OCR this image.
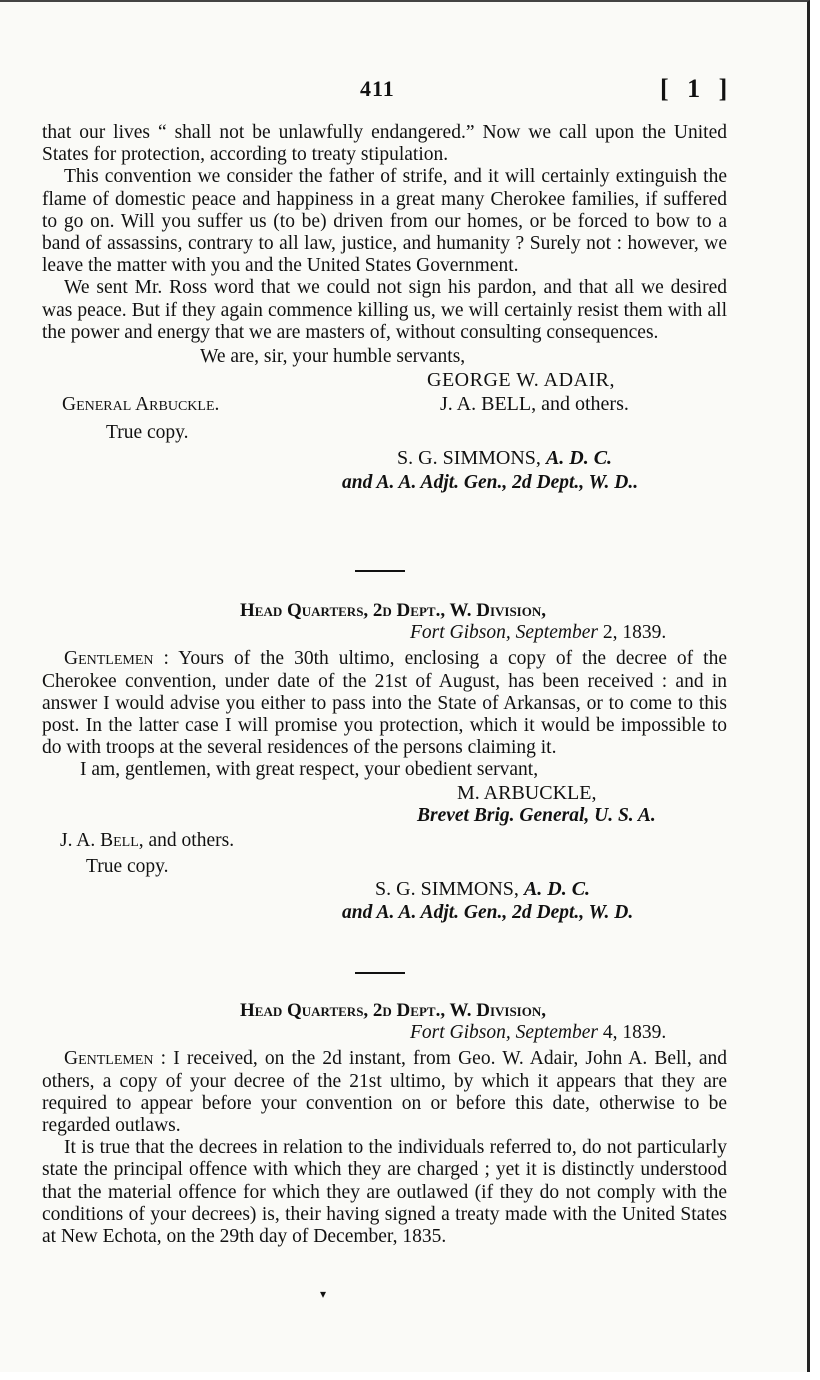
411	[ 1 ]

that our lives “ shall not be unlawfully endangered.” Now we call upon the United States for protection, according to treaty stipulation.

This convention we consider the father of strife, and it will certainly extinguish the flame of domestic peace and happiness in a great many Cherokee families, if suffered to go on. Will you suffer us (to be) driven from our homes, or be forced to bow to a band of assassins, contrary to all law, justice, and humanity ? Surely not : however, we leave the matter with you and the United States Government.

We sent Mr. Ross word that we could not sign his pardon, and that all we desired was peace. But if they again commence killing us, we will certainly resist them with all the power and energy that we are masters of, without consulting consequences.

We are, sir, your humble servants,
GEORGE W. ADAIR,
General Arbuckle.	J. A. BELL, and others.
True copy.
S. G. SIMMONS, A. D. C.
and A. A. Adjt. Gen., 2d Dept., W. D..
Head Quarters, 2d Dept., W. Division,
Fort Gibson, September 2, 1839.

Gentlemen : Yours of the 30th ultimo, enclosing a copy of the decree of the Cherokee convention, under date of the 21st of August, has been received : and in answer I would advise you either to pass into the State of Arkansas, or to come to this post. In the latter case I will promise you protection, which it would be impossible to do with troops at the several residences of the persons claiming it.

I am, gentlemen, with great respect, your obedient servant,

M. ARBUCKLE,
Brevet Brig. General, U. S. A.
J. A. Bell, and others.
True copy.
S. G. SIMMONS, A. D. C.
and A. A. Adjt. Gen., 2d Dept., W. D.
Head Quarters, 2d Dept., W. Division,
Fort Gibson, September 4, 1839.

Gentlemen : I received, on the 2d instant, from Geo. W. Adair, John A. Bell, and others, a copy of your decree of the 21st ultimo, by which it appears that they are required to appear before your convention on or before this date, otherwise to be regarded outlaws.

It is true that the decrees in relation to the individuals referred to, do not particularly state the principal offence with which they are charged ; yet it is distinctly understood that the material offence for which they are outlawed (if they do not comply with the conditions of your decrees) is, their having signed a treaty made with the United States at New Echota, on the 29th day of December, 1835.

▾
